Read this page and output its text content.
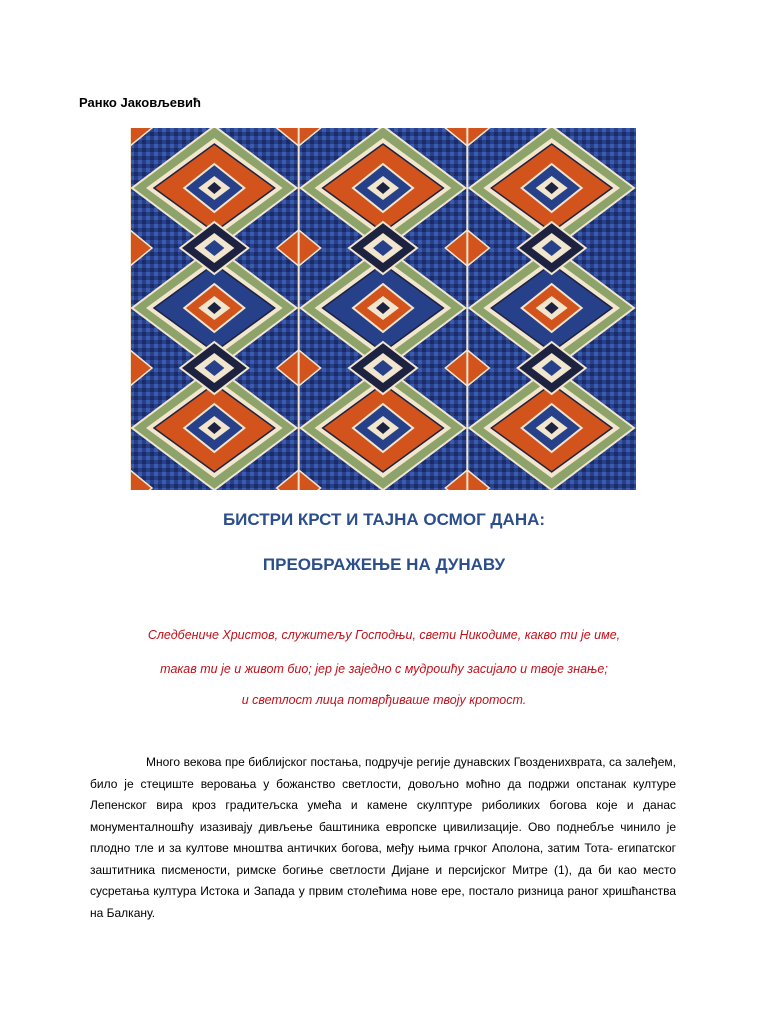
Ранко Јаковљевић
БИСТРИ КРСТ И ТАЈНА ОСМОГ ДАНА:
ПРЕОБРАЖЕЊЕ НА ДУНАВУ
Следбениче Христов, служитељу Господњи, свети Никодиме, какво ти је име,
такав ти је и живот био; јер је заједно с мудрошћу засијало и твоје знање;
и светлост лица потврђиваше твоју кротост.

Много векова пре библијског постања, подручје регије дунавских Гвозденихвратa, са залеђем, било је стециште веровања у божанство светлости, довољно моћно да подржи опстанак културе Лепенског вира кроз градитељска умећа и камене скулптуре риболиких богова које и данас монументалношћу изазивају дивљење баштиника европске цивилизације. Ово поднебље чинило је плодно тле и за култове мноштва античких богова, међу њима грчког Аполона, затим Тота- египатског заштитника писмености, римске богиње светлости Дијане и персијског Митре (1), да би као место сусретања култура Истока и Запада у првим столећима нове ере, постало ризница раног хришћанства на Балкану.
